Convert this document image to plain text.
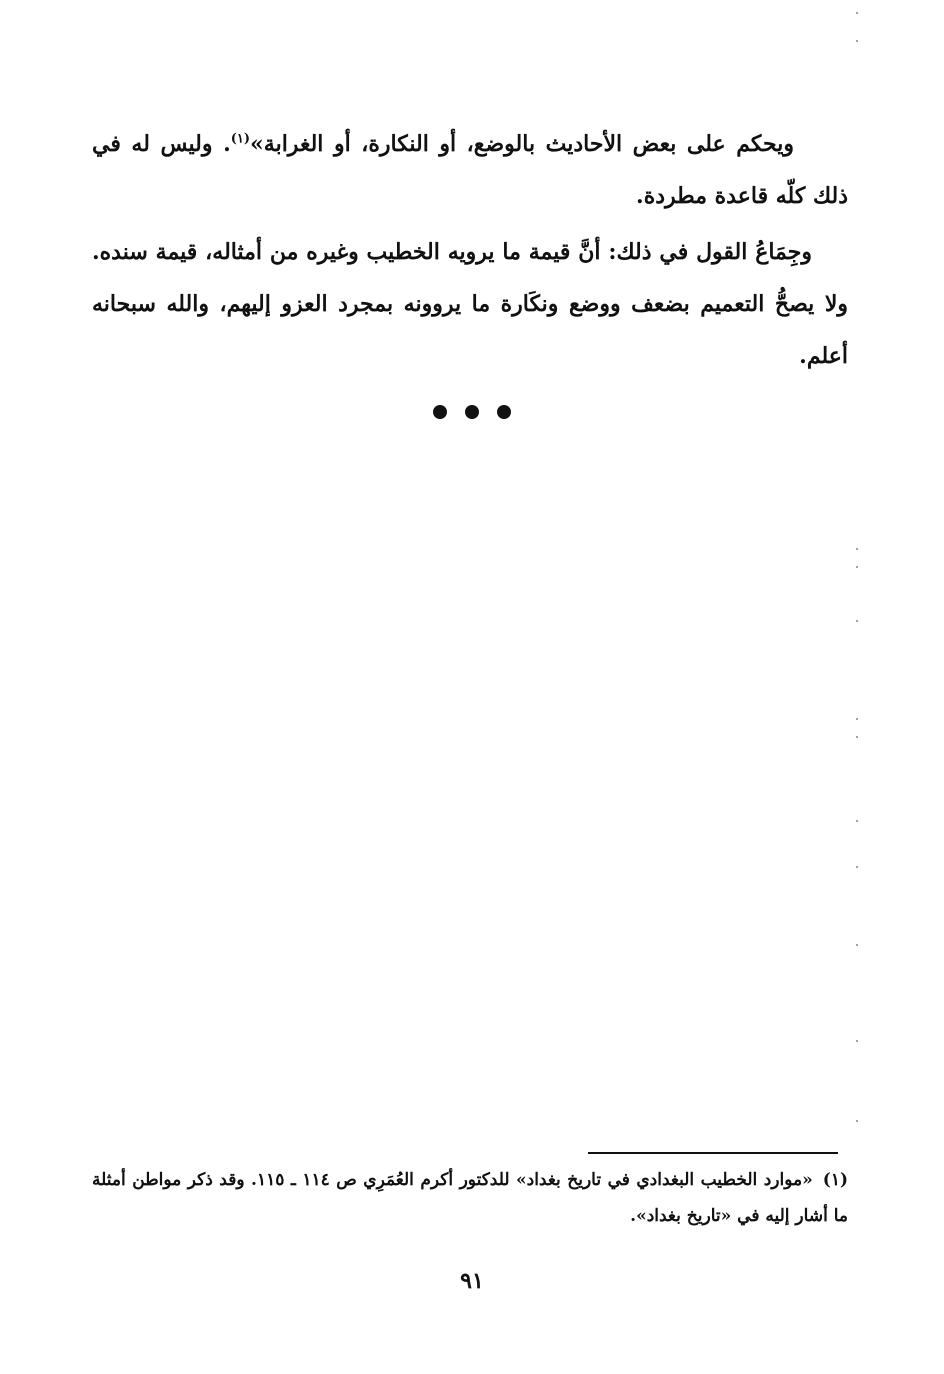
ويحكم على بعض الأحاديث بالوضع، أو النكارة، أو الغرابة»$^{(١)}$. وليس له في ذلك كلّه قاعدة مطردة.

وجِمَاعُ القول في ذلك: أنَّ قيمة ما يرويه الخطيب وغيره من أمثاله، قيمة سنده. ولا يصحُّ التعميم بضعف ووضع ونكَارة ما يروونه بمجرد العزو إليهم، والله سبحانه أعلم.

(١)«موارد الخطيب البغدادي في تاريخ بغداد» للدكتور أكرم العُمَرِي ص ١١٤ ـ ١١٥. وقد ذكر مواطن أمثلة ما أشار إليه في «تاريخ بغداد».

٩١
